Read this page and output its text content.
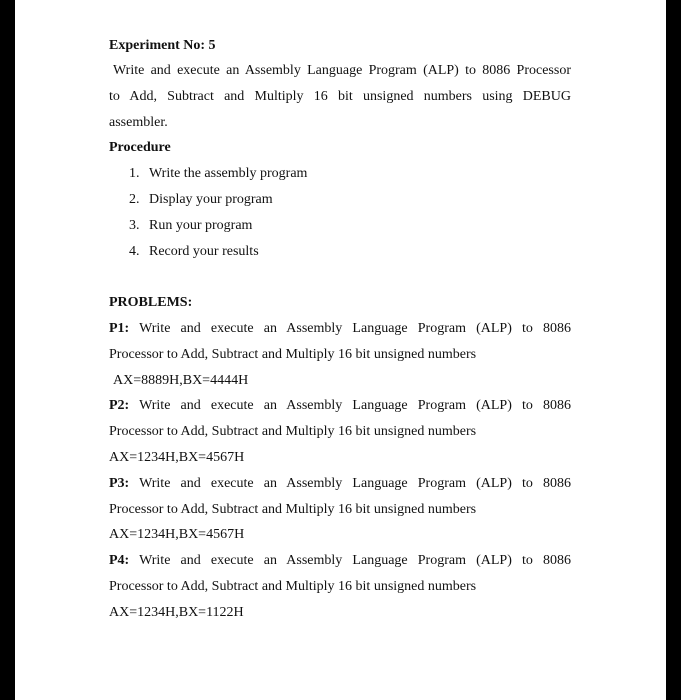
Experiment No: 5
Write and execute an Assembly Language Program (ALP) to 8086 Processor
to Add, Subtract and Multiply 16 bit unsigned numbers using DEBUG
assembler.
Procedure
1. Write the assembly program
2. Display your program
3. Run your program
4. Record your results
PROBLEMS:
P1: Write and execute an Assembly Language Program (ALP) to 8086
Processor to Add, Subtract and Multiply 16 bit unsigned numbers
AX=8889H,BX=4444H
P2: Write and execute an Assembly Language Program (ALP) to 8086
Processor to Add, Subtract and Multiply 16 bit unsigned numbers
AX=1234H,BX=4567H
P3: Write and execute an Assembly Language Program (ALP) to 8086
Processor to Add, Subtract and Multiply 16 bit unsigned numbers
AX=1234H,BX=4567H
P4: Write and execute an Assembly Language Program (ALP) to 8086
Processor to Add, Subtract and Multiply 16 bit unsigned numbers
AX=1234H,BX=1122H
